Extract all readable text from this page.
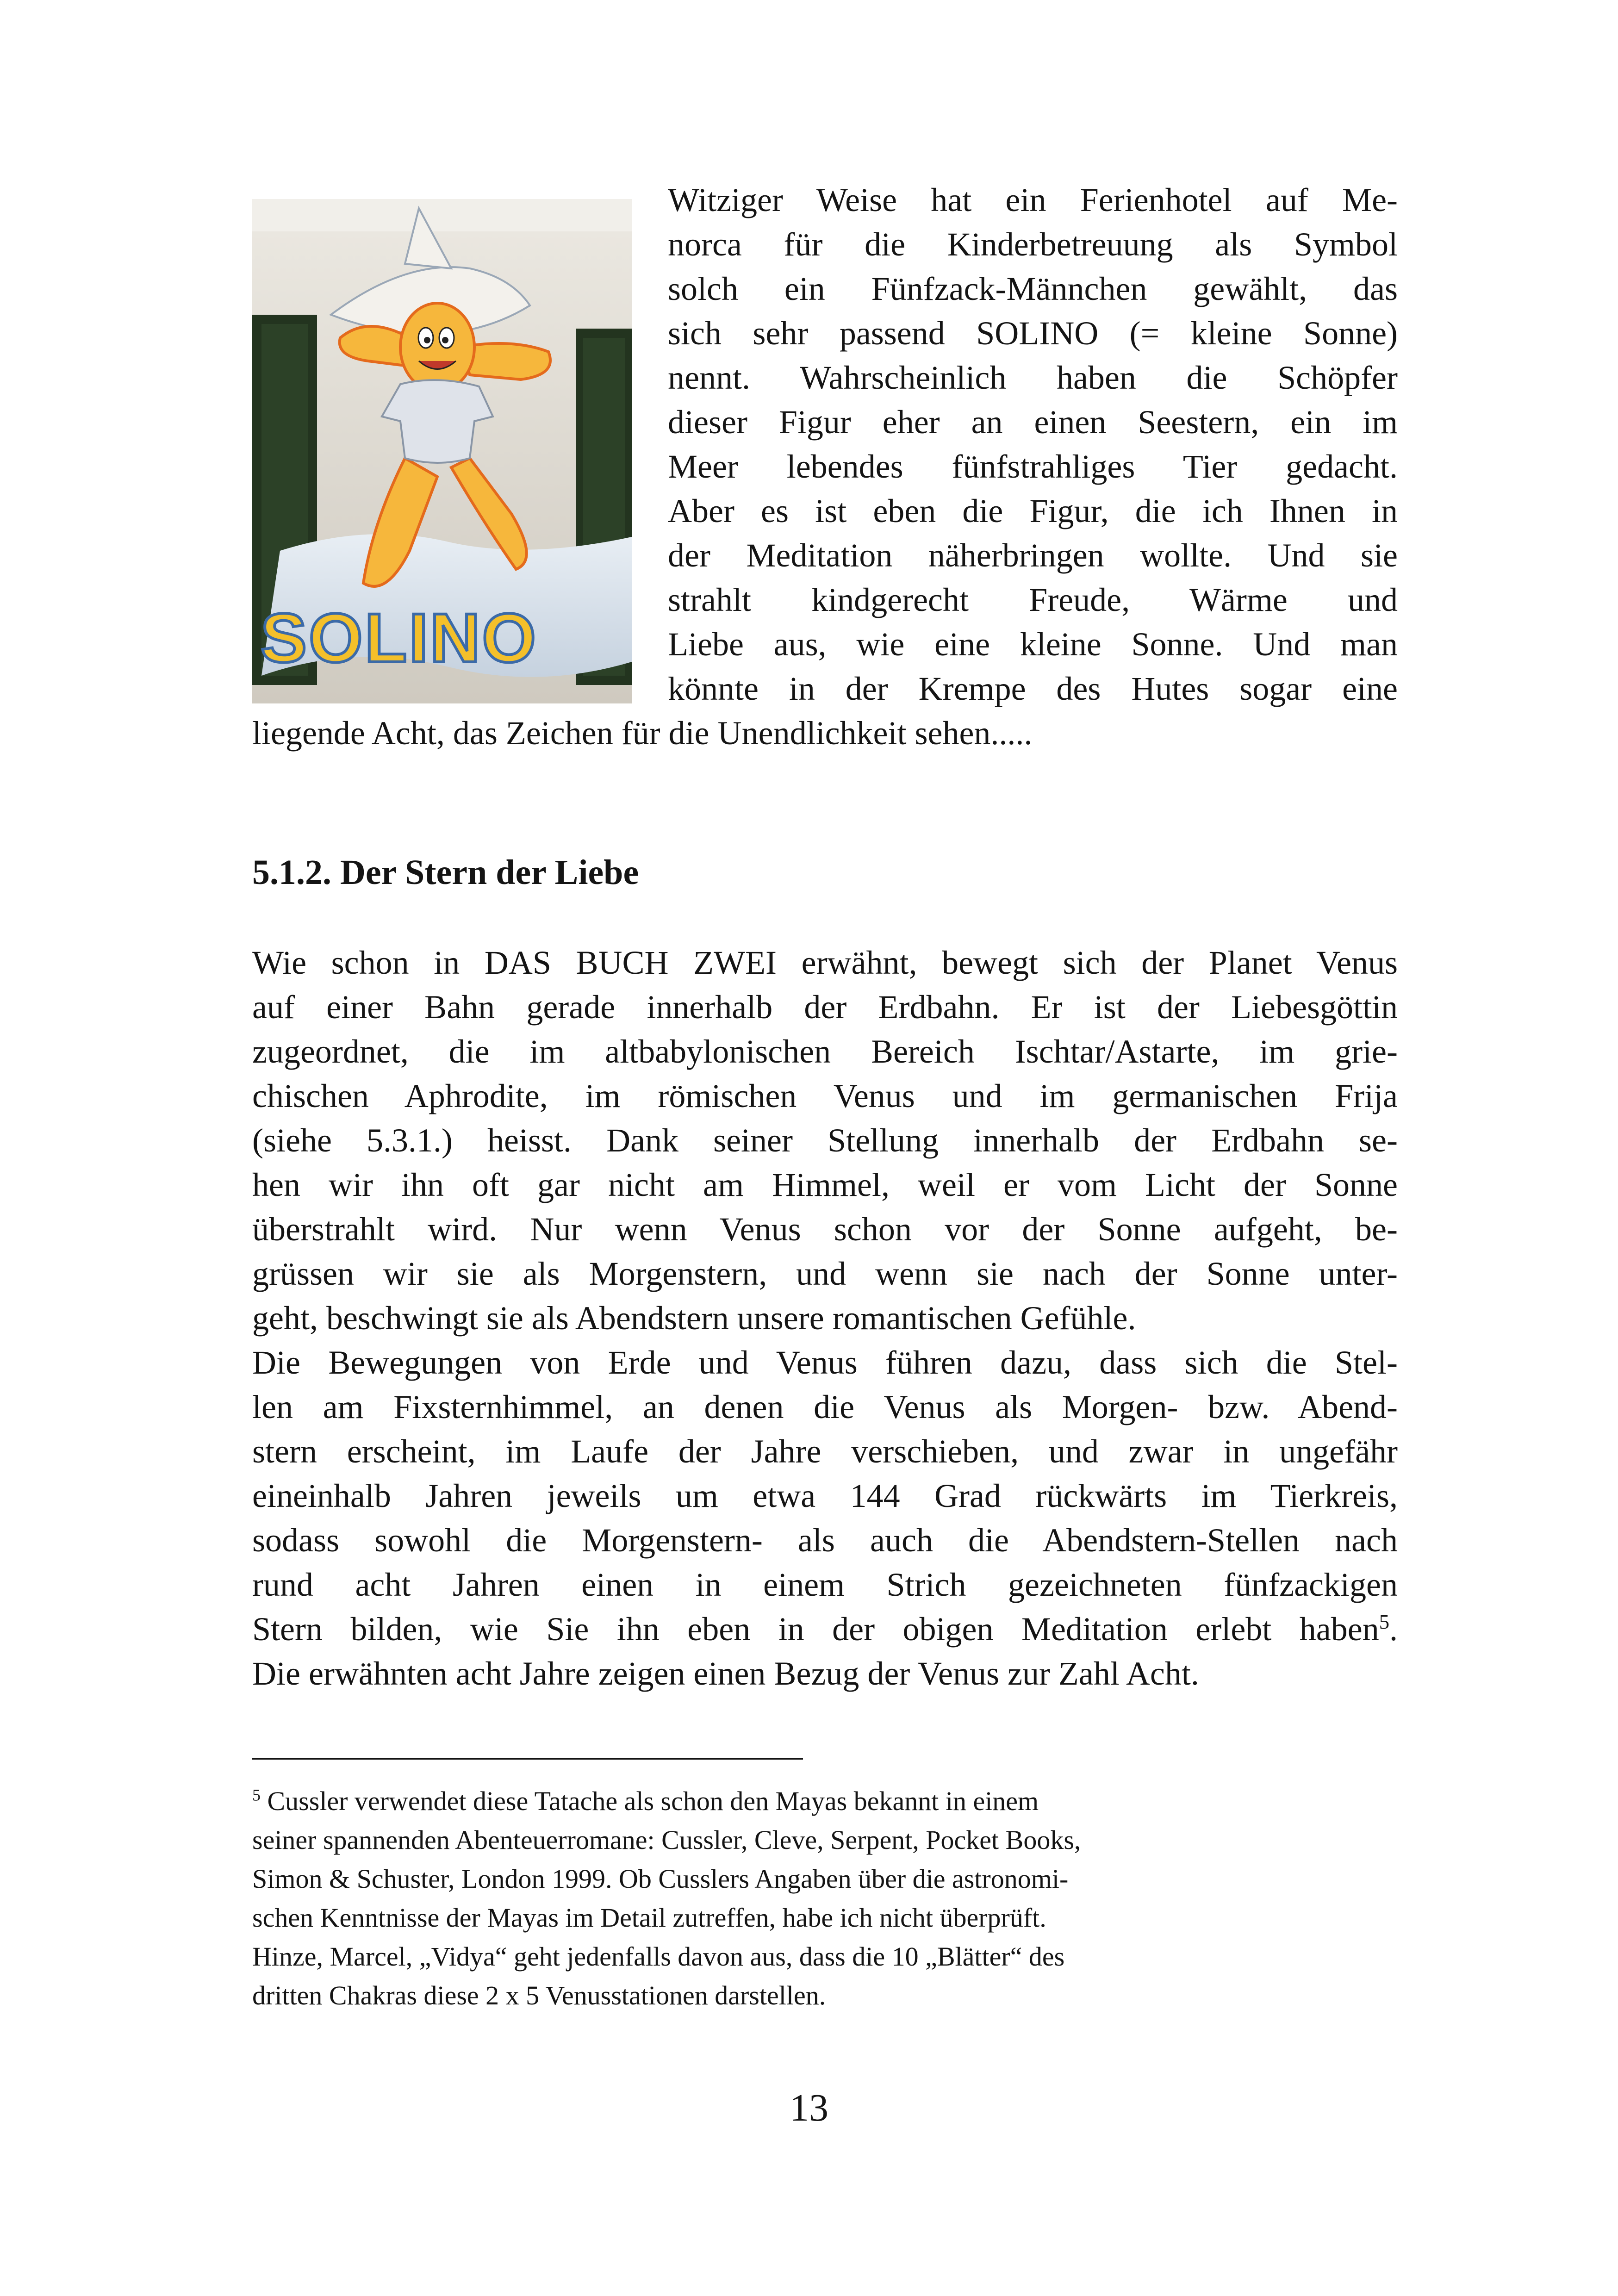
SOLINO
Witziger Weise hat ein Ferienhotel auf Me-
norca für die Kinderbetreuung als Symbol
solch ein Fünfzack-Männchen gewählt, das
sich sehr passend SOLINO (= kleine Sonne)
nennt. Wahrscheinlich haben die Schöpfer
dieser Figur eher an einen Seestern, ein im
Meer lebendes fünfstrahliges Tier gedacht.
Aber es ist eben die Figur, die ich Ihnen in
der Meditation näherbringen wollte. Und sie
strahlt kindgerecht Freude, Wärme und
Liebe aus, wie eine kleine Sonne. Und man
könnte in der Krempe des Hutes sogar eine
liegende Acht, das Zeichen für die Unendlichkeit sehen.....
5.1.2. Der Stern der Liebe
Wie schon in DAS BUCH ZWEI erwähnt, bewegt sich der Planet Venus
auf einer Bahn gerade innerhalb der Erdbahn. Er ist der Liebesgöttin
zugeordnet, die im altbabylonischen Bereich Ischtar/Astarte, im grie-
chischen Aphrodite, im römischen Venus und im germanischen Frija
(siehe 5.3.1.) heisst. Dank seiner Stellung innerhalb der Erdbahn se-
hen wir ihn oft gar nicht am Himmel, weil er vom Licht der Sonne
überstrahlt wird. Nur wenn Venus schon vor der Sonne aufgeht, be-
grüssen wir sie als Morgenstern, und wenn sie nach der Sonne unter-
geht, beschwingt sie als Abendstern unsere romantischen Gefühle.
Die Bewegungen von Erde und Venus führen dazu, dass sich die Stel-
len am Fixsternhimmel, an denen die Venus als Morgen- bzw. Abend-
stern erscheint, im Laufe der Jahre verschieben, und zwar in ungefähr
eineinhalb Jahren jeweils um etwa 144 Grad rückwärts im Tierkreis,
sodass sowohl die Morgenstern- als auch die Abendstern-Stellen nach
rund acht Jahren einen in einem Strich gezeichneten fünfzackigen
Stern bilden, wie Sie ihn eben in der obigen Meditation erlebt haben$^5$.
Die erwähnten acht Jahre zeigen einen Bezug der Venus zur Zahl Acht.
$^5$ Cussler verwendet diese Tatache als schon den Mayas bekannt in einem
seiner spannenden Abenteuerromane: Cussler, Cleve, Serpent, Pocket Books,
Simon & Schuster, London 1999. Ob Cusslers Angaben über die astronomi-
schen Kenntnisse der Mayas im Detail zutreffen, habe ich nicht überprüft.
Hinze, Marcel, „Vidya“ geht jedenfalls davon aus, dass die 10 „Blätter“ des
dritten Chakras diese 2 x 5 Venusstationen darstellen.
13
